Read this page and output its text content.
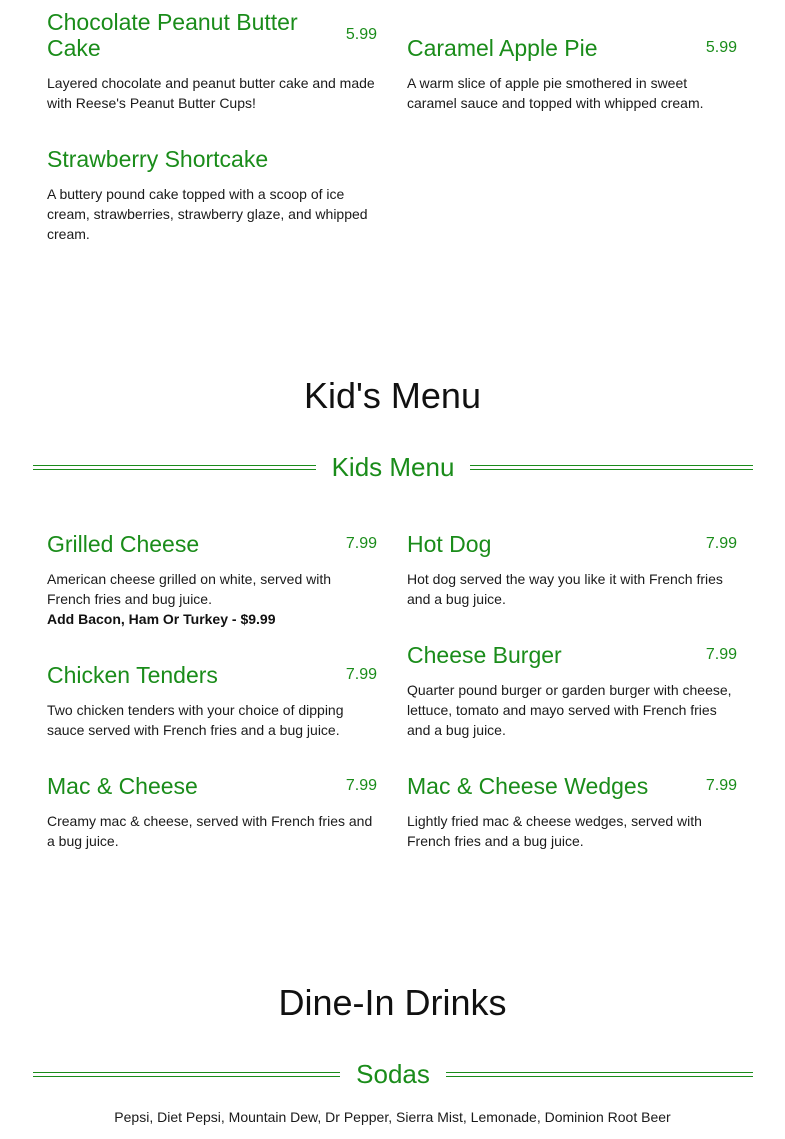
5.99
Chocolate Peanut Butter Cake
Layered chocolate and peanut butter cake and made with Reese's Peanut Butter Cups!
5.99
Caramel Apple Pie
A warm slice of apple pie smothered in sweet caramel sauce and topped with whipped cream.
Strawberry Shortcake
A buttery pound cake topped with a scoop of ice cream, strawberries, strawberry glaze, and whipped cream.
Kid's Menu
Kids Menu
7.99
Grilled Cheese
American cheese grilled on white, served with French fries and bug juice.
Add Bacon, Ham Or Turkey - $9.99
7.99
Hot Dog
Hot dog served the way you like it with French fries and a bug juice.
7.99
Chicken Tenders
Two chicken tenders with your choice of dipping sauce served with French fries and a bug juice.
7.99
Cheese Burger
Quarter pound burger or garden burger with cheese, lettuce, tomato and mayo served with French fries and a bug juice.
7.99
Mac & Cheese
Creamy mac & cheese, served with French fries and a bug juice.
7.99
Mac & Cheese Wedges
Lightly fried mac & cheese wedges, served with French fries and a bug juice.
Dine-In Drinks
Sodas
Pepsi, Diet Pepsi, Mountain Dew, Dr Pepper, Sierra Mist, Lemonade, Dominion Root Beer
